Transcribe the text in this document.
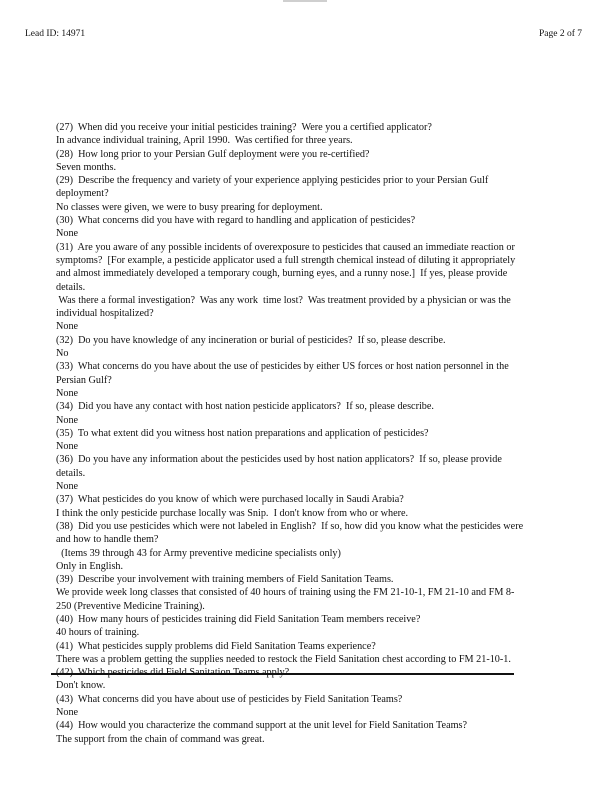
Lead ID: 14971	Page 2 of 7
(27)  When did you receive your initial pesticides training?  Were you a certified applicator?
In advance individual training, April 1990.  Was certified for three years.
(28)  How long prior to your Persian Gulf deployment were you re-certified?
Seven months.
(29)  Describe the frequency and variety of your experience applying pesticides prior to your Persian Gulf
deployment?
No classes were given, we were to busy prearing for deployment.
(30)  What concerns did you have with regard to handling and application of pesticides?
None
(31)  Are you aware of any possible incidents of overexposure to pesticides that caused an immediate reaction or
symptoms?  [For example, a pesticide applicator used a full strength chemical instead of diluting it appropriately
and almost immediately developed a temporary cough, burning eyes, and a runny nose.]  If yes, please provide
details.
Was there a formal investigation?  Was any work  time lost?  Was treatment provided by a physician or was the
individual hospitalized?
None
(32)  Do you have knowledge of any incineration or burial of pesticides?  If so, please describe.
No
(33)  What concerns do you have about the use of pesticides by either US forces or host nation personnel in the
Persian Gulf?
None
(34)  Did you have any contact with host nation pesticide applicators?  If so, please describe.
None
(35)  To what extent did you witness host nation preparations and application of pesticides?
None
(36)  Do you have any information about the pesticides used by host nation applicators?  If so, please provide
details.
None
(37)  What pesticides do you know of which were purchased locally in Saudi Arabia?
I think the only pesticide purchase locally was Snip.  I don't know from who or where.
(38)  Did you use pesticides which were not labeled in English?  If so, how did you know what the pesticides were
and how to handle them?
(Items 39 through 43 for Army preventive medicine specialists only)
Only in English.
(39)  Describe your involvement with training members of Field Sanitation Teams.
We provide week long classes that consisted of 40 hours of training using the FM 21-10-1, FM 21-10 and FM 8-
250 (Preventive Medicine Training).
(40)  How many hours of pesticides training did Field Sanitation Team members receive?
40 hours of training.
(41)  What pesticides supply problems did Field Sanitation Teams experience?
There was a problem getting the supplies needed to restock the Field Sanitation chest according to FM 21-10-1.
Don't know.
(43)  What concerns did you have about use of pesticides by Field Sanitation Teams?
None
(44)  How would you characterize the command support at the unit level for Field Sanitation Teams?
The support from the chain of command was great.
